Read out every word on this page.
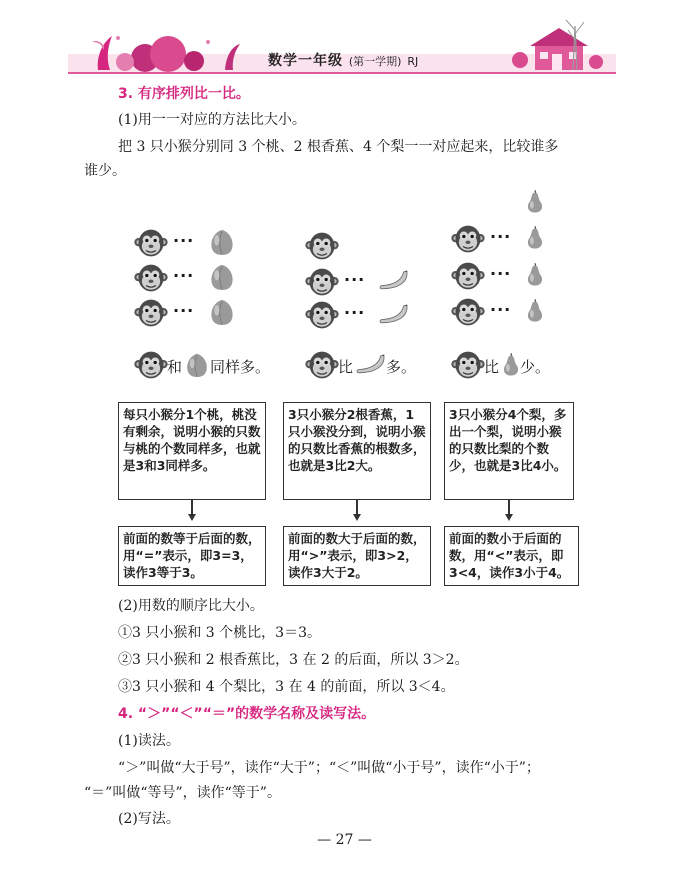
数学一年级 (第一学期) RJ
3. 有序排列比一比。
(1)用一一对应的方法比大小。
把 3 只小猴分别同 3 个桃、2 根香蕉、4 个梨一一对应起来，比较谁多
谁少。
···
···
···
和 同样多。
···
···
比 多。
···
···
···
比 少。
每只小猴分1个桃，桃没有剩余，说明小猴的只数与桃的个数同样多，也就是3和3同样多。
3只小猴分2根香蕉，1只小猴没分到，说明小猴的只数比香蕉的根数多，也就是3比2大。
3只小猴分4个梨，多出一个梨，说明小猴的只数比梨的个数少，也就是3比4小。
前面的数等于后面的数，用“=”表示，即3=3，读作3等于3。
前面的数大于后面的数，用“>”表示，即3>2，读作3大于2。
前面的数小于后面的数，用“<”表示，即3<4，读作3小于4。
(2)用数的顺序比大小。
①3 只小猴和 3 个桃比，3＝3。
②3 只小猴和 2 根香蕉比，3 在 2 的后面，所以 3＞2。
③3 只小猴和 4 个梨比，3 在 4 的前面，所以 3＜4。
4. “＞”“＜”“＝”的数学名称及读写法。
(1)读法。
“＞”叫做“大于号”，读作“大于”；“＜”叫做“小于号”，读作“小于”；
“＝”叫做“等号”，读作“等于”。
(2)写法。
— 27 —
